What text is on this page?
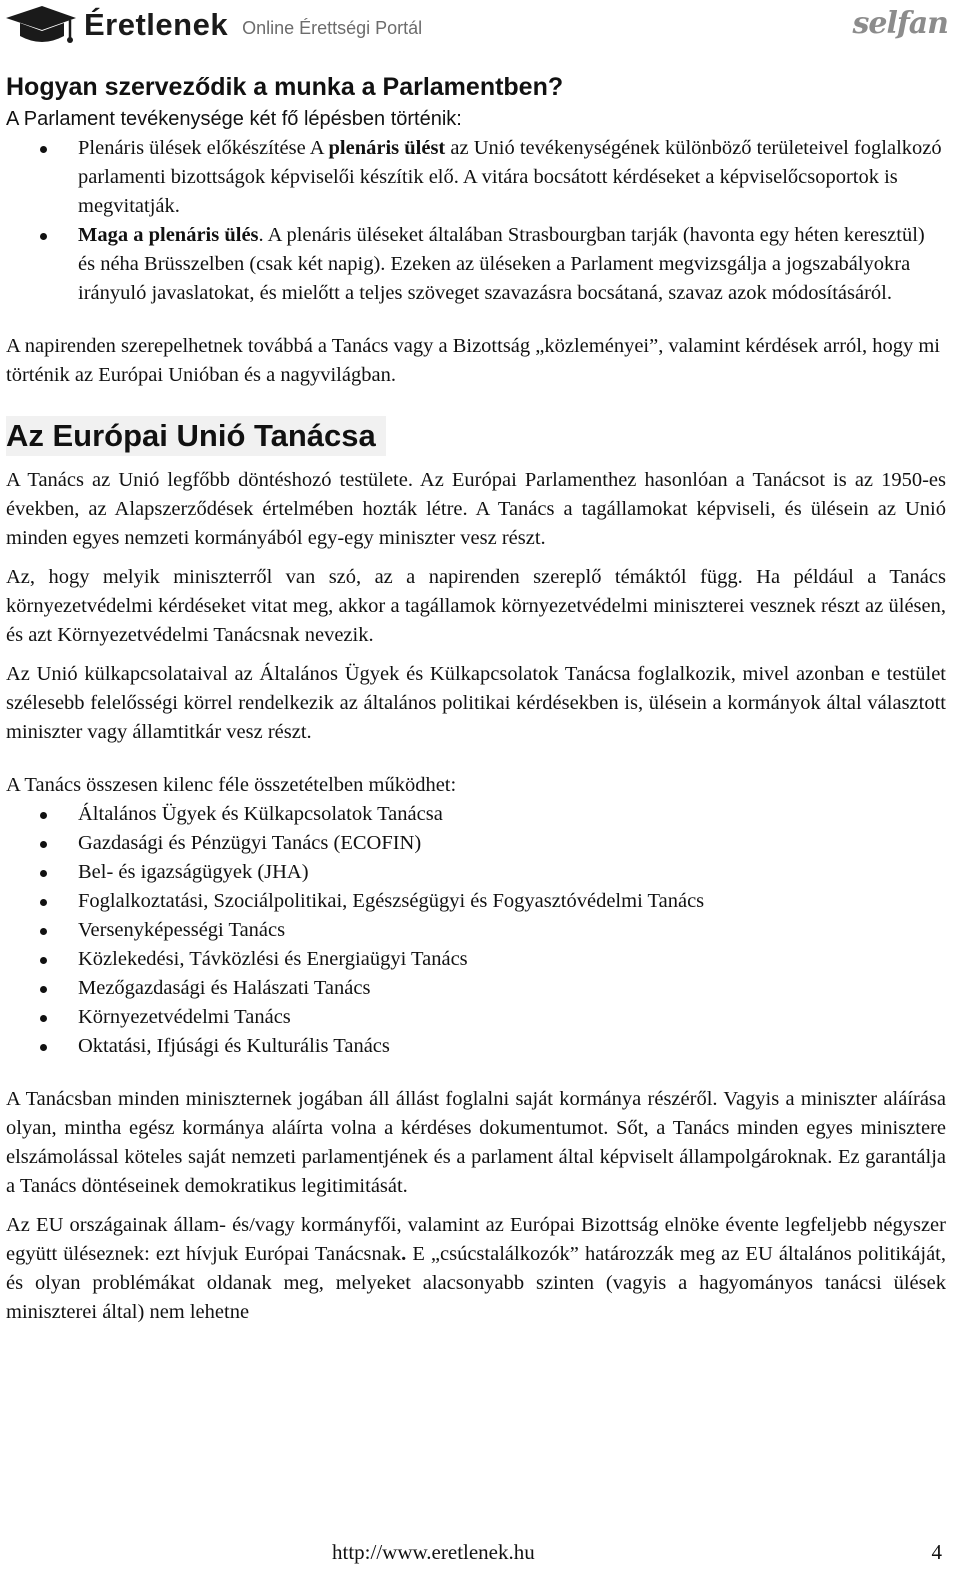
Éretlenek Online Érettségi Portál	selfan
Hogyan szerveződik a munka a Parlamentben?

A Parlament tevékenysége két fő lépésben történik:

Plenáris ülések előkészítése A plenáris ülést az Unió tevékenységének különböző területeivel foglalkozó parlamenti bizottságok képviselői készítik elő. A vitára bocsátott kérdéseket a képviselőcsoportok is megvitatják.
Maga a plenáris ülés. A plenáris üléseket általában Strasbourgban tarják (havonta egy héten keresztül) és néha Brüsszelben (csak két napig). Ezeken az üléseken a Parlament megvizsgálja a jogszabályokra irányuló javaslatokat, és mielőtt a teljes szöveget szavazásra bocsátaná, szavaz azok módosításáról.

A napirenden szerepelhetnek továbbá a Tanács vagy a Bizottság „közleményei”, valamint kérdések arról, hogy mi történik az Európai Unióban és a nagyvilágban.

Az Európai Unió Tanácsa

A Tanács az Unió legfőbb döntéshozó testülete. Az Európai Parlamenthez hasonlóan a Tanácsot is az 1950-es években, az Alapszerződések értelmében hozták létre. A Tanács a tagállamokat képviseli, és ülésein az Unió minden egyes nemzeti kormányából egy-egy miniszter vesz részt.

Az, hogy melyik miniszterről van szó, az a napirenden szereplő témáktól függ. Ha például a Tanács környezetvédelmi kérdéseket vitat meg, akkor a tagállamok környezetvédelmi miniszterei vesznek részt az ülésen, és azt Környezetvédelmi Tanácsnak nevezik.

Az Unió külkapcsolataival az Általános Ügyek és Külkapcsolatok Tanácsa foglalkozik, mivel azonban e testület szélesebb felelősségi körrel rendelkezik az általános politikai kérdésekben is, ülésein a kormányok által választott miniszter vagy államtitkár vesz részt.

A Tanács összesen kilenc féle összetételben működhet:

Általános Ügyek és Külkapcsolatok Tanácsa
Gazdasági és Pénzügyi Tanács (ECOFIN)
Bel- és igazságügyek (JHA)
Foglalkoztatási, Szociálpolitikai, Egészségügyi és Fogyasztóvédelmi Tanács
Versenyképességi Tanács
Közlekedési, Távközlési és Energiaügyi Tanács
Mezőgazdasági és Halászati Tanács
Környezetvédelmi Tanács
Oktatási, Ifjúsági és Kulturális Tanács

A Tanácsban minden miniszternek jogában áll állást foglalni saját kormánya részéről. Vagyis a miniszter aláírása olyan, mintha egész kormánya aláírta volna a kérdéses dokumentumot. Sőt, a Tanács minden egyes minisztere elszámolással köteles saját nemzeti parlamentjének és a parlament által képviselt állampolgároknak. Ez garantálja a Tanács döntéseinek demokratikus legitimitását.

Az EU országainak állam- és/vagy kormányfői, valamint az Európai Bizottság elnöke évente legfeljebb négyszer együtt üléseznek: ezt hívjuk Európai Tanácsnak. E „csúcstalálkozók” határozzák meg az EU általános politikáját, és olyan problémákat oldanak meg, melyeket alacsonyabb szinten (vagyis a hagyományos tanácsi ülések miniszterei által) nem lehetne

http://www.eretlenek.hu	4
